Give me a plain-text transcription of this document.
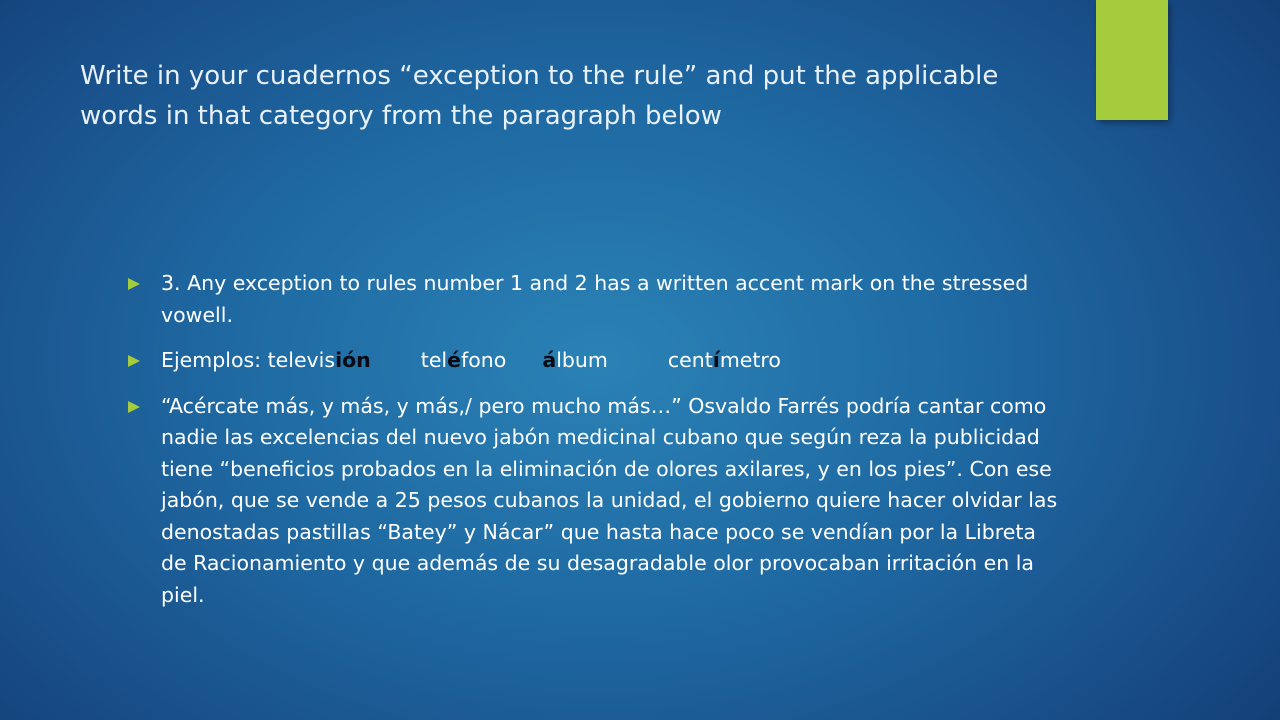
Write in your cuadernos “exception to the rule” and put the applicable words in that category from the paragraph below
3. Any exception to rules number 1 and 2 has a written accent mark on the stressed vowell.
Ejemplos: televisión teléfono álbum	centímetro
“Acércate más, y más, y más,/ pero mucho más…” Osvaldo Farrés podría cantar como nadie las excelencias del nuevo jabón medicinal cubano que según reza la publicidad tiene “beneficios probados en la eliminación de olores axilares, y en los pies”. Con ese jabón, que se vende a 25 pesos cubanos la unidad, el gobierno quiere hacer olvidar las denostadas pastillas “Batey” y Nácar” que hasta hace poco se vendían por la Libreta de Racionamiento y que además de su desagradable olor provocaban irritación en la piel.
